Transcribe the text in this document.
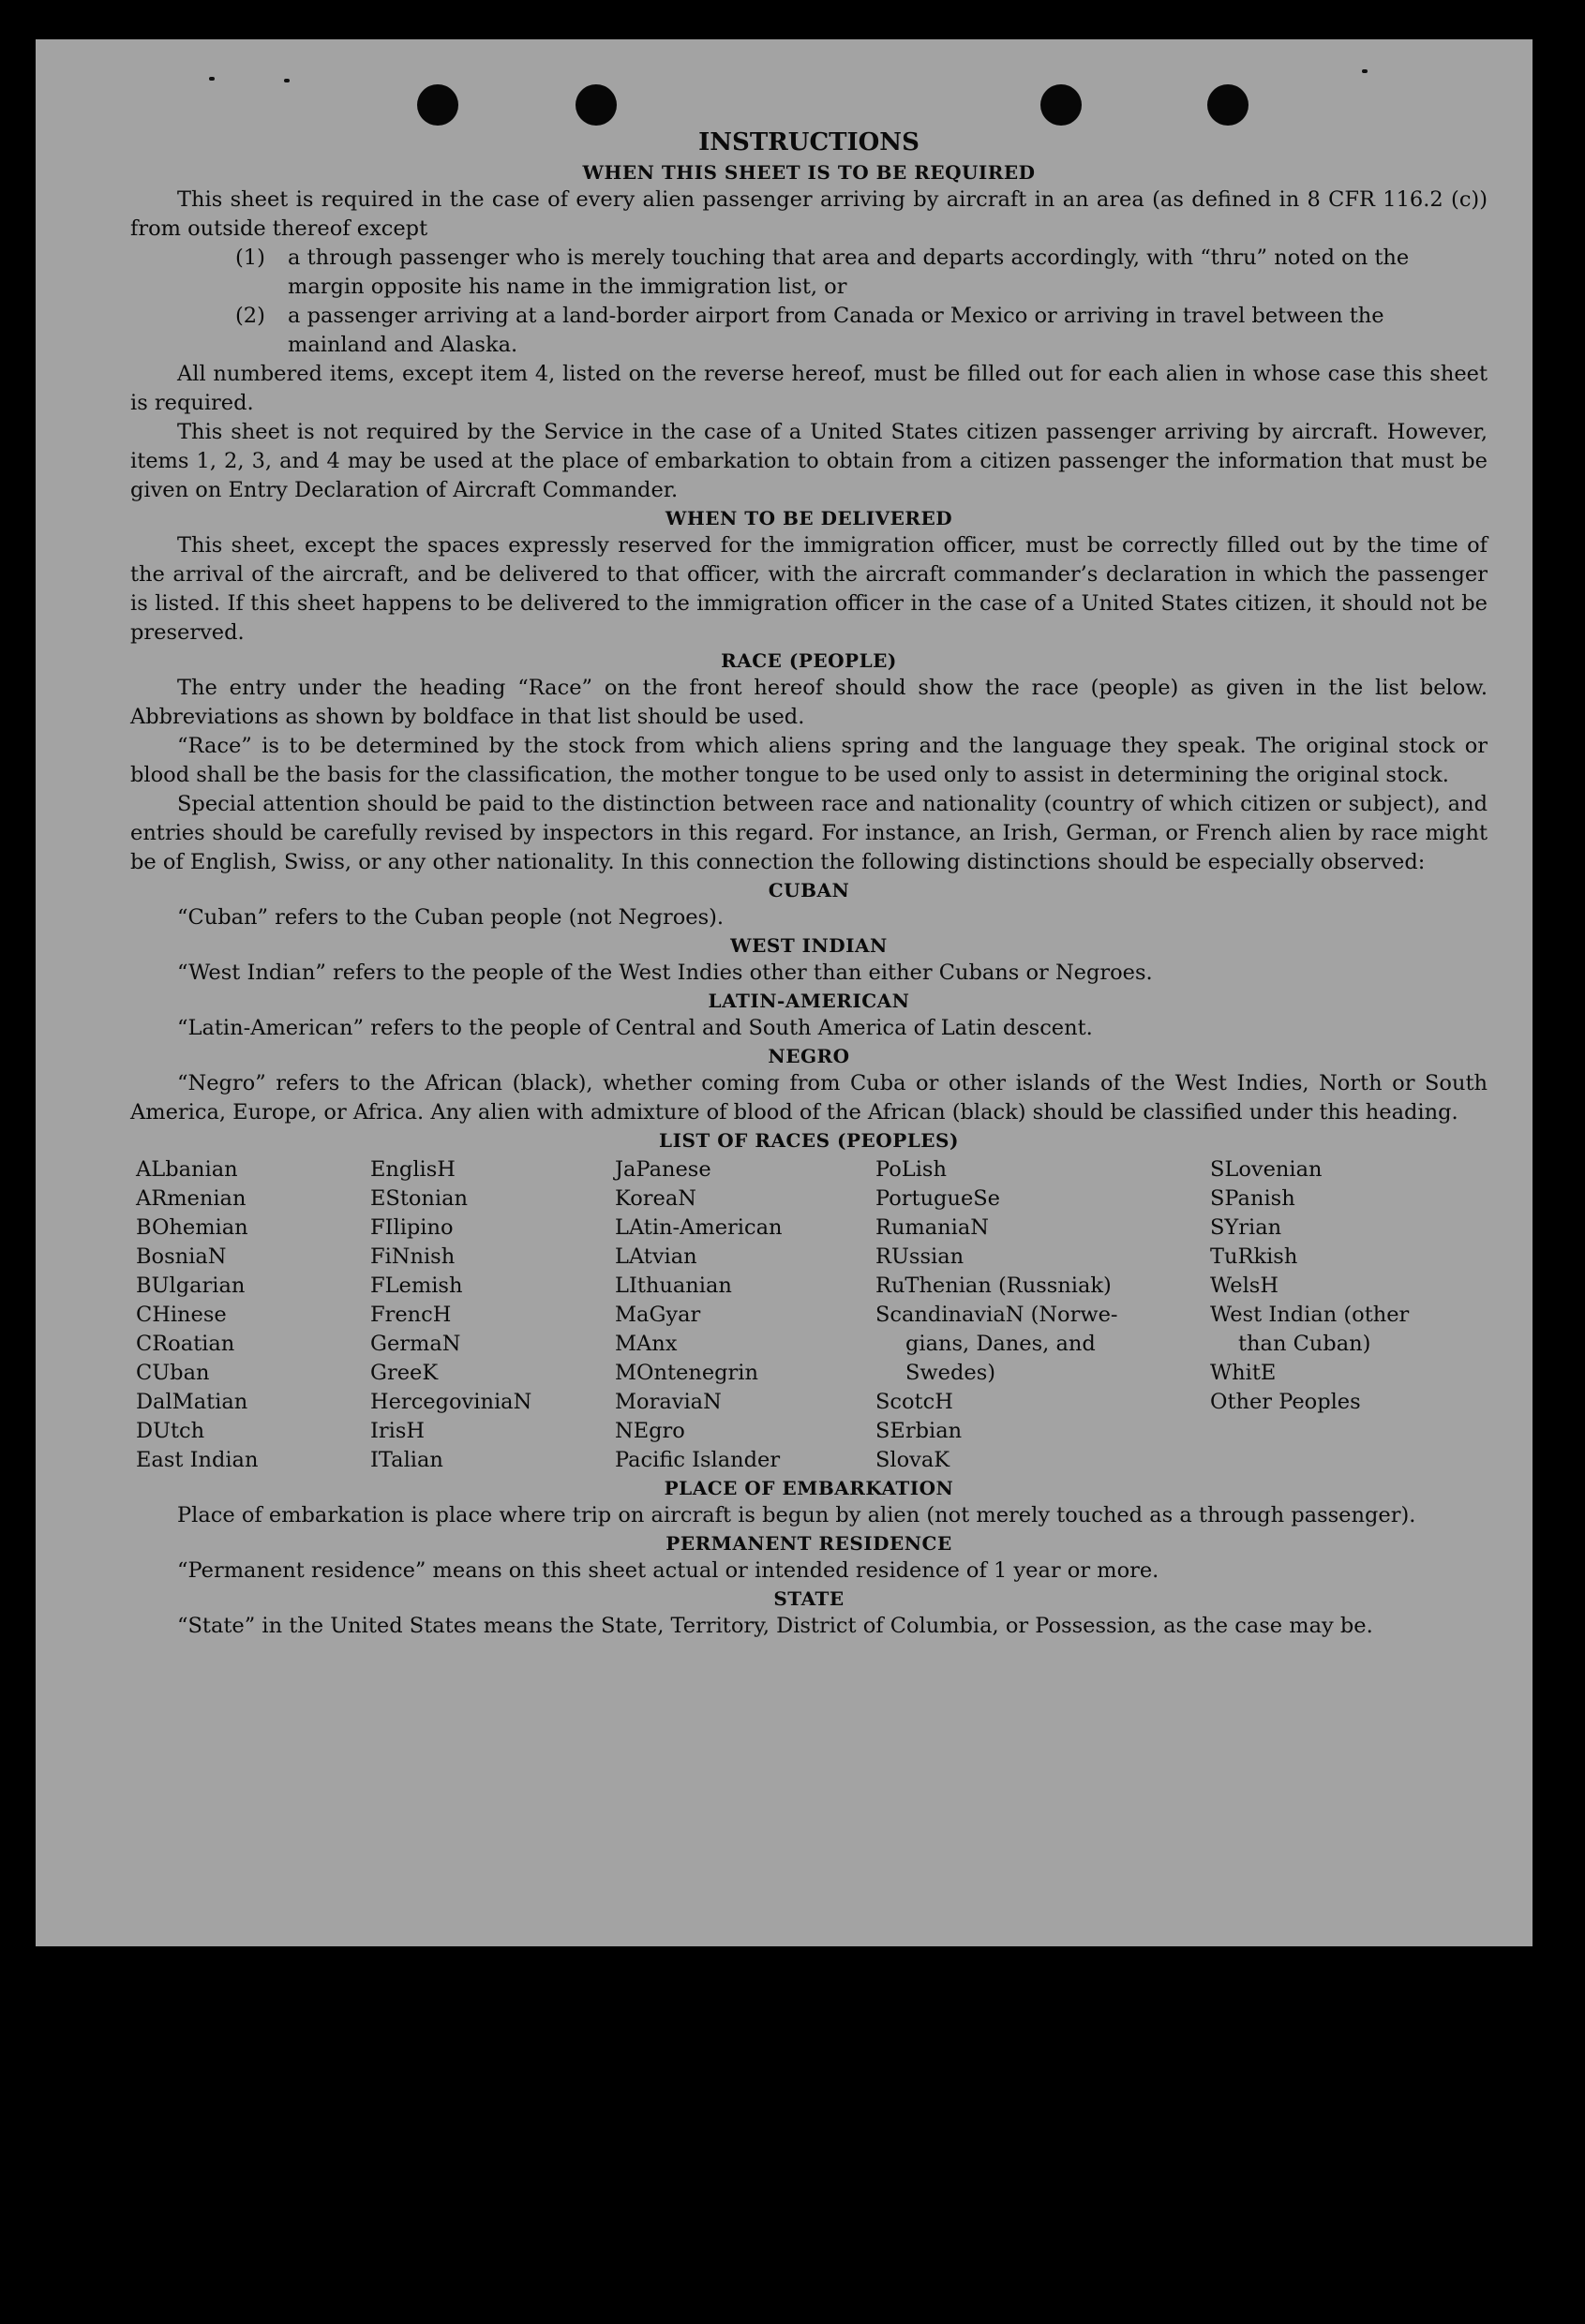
INSTRUCTIONS
WHEN THIS SHEET IS TO BE REQUIRED
This sheet is required in the case of every alien passenger arriving by aircraft in an area (as defined in 8 CFR 116.2 (c)) from outside thereof except
(1)	a through passenger who is merely touching that area and departs accordingly, with “thru” noted on the margin opposite his name in the immigration list, or
(2)	a passenger arriving at a land-border airport from Canada or Mexico or arriving in travel between the mainland and Alaska.
All numbered items, except item 4, listed on the reverse hereof, must be filled out for each alien in whose case this sheet is required.
This sheet is not required by the Service in the case of a United States citizen passenger arriving by aircraft. However, items 1, 2, 3, and 4 may be used at the place of embarkation to obtain from a citizen passenger the information that must be given on Entry Declaration of Aircraft Commander.
WHEN TO BE DELIVERED
This sheet, except the spaces expressly reserved for the immigration officer, must be correctly filled out by the time of the arrival of the aircraft, and be delivered to that officer, with the aircraft commander’s declaration in which the passenger is listed. If this sheet happens to be delivered to the immigration officer in the case of a United States citizen, it should not be preserved.
RACE (PEOPLE)
The entry under the heading “Race” on the front hereof should show the race (people) as given in the list below. Abbreviations as shown by boldface in that list should be used.
“Race” is to be determined by the stock from which aliens spring and the language they speak. The original stock or blood shall be the basis for the classification, the mother tongue to be used only to assist in determining the original stock.
Special attention should be paid to the distinction between race and nationality (country of which citizen or subject), and entries should be carefully revised by inspectors in this regard. For instance, an Irish, German, or French alien by race might be of English, Swiss, or any other nationality. In this connection the following distinctions should be especially observed:
CUBAN
“Cuban” refers to the Cuban people (not Negroes).
WEST INDIAN
“West Indian” refers to the people of the West Indies other than either Cubans or Negroes.
LATIN-AMERICAN
“Latin-American” refers to the people of Central and South America of Latin descent.
NEGRO
“Negro” refers to the African (black), whether coming from Cuba or other islands of the West Indies, North or South America, Europe, or Africa. Any alien with admixture of blood of the African (black) should be classified under this heading.
LIST OF RACES (PEOPLES)
ALbanian
ARmenian
BOhemian
BosniaN
BUlgarian
CHinese
CRoatian
CUban
DalMatian
DUtch
East Indian
EnglisH
EStonian
FIlipino
FiNnish
FLemish
FrencH
GermaN
GreeK
HercegoviniaN
IrisH
ITalian
JaPanese
KoreaN
LAtin-American
LAtvian
LIthuanian
MaGyar
MAnx
MOntenegrin
MoraviaN
NEgro
Pacific Islander
PoLish
PortugueSe
RumaniaN
RUssian
RuThenian (Russniak)
ScandinaviaN (Norwe-
gians, Danes, and
Swedes)
ScotcH
SErbian
SlovaK
SLovenian
SPanish
SYrian
TuRkish
WelsH
West Indian (other
than Cuban)
WhitE
Other Peoples
PLACE OF EMBARKATION
Place of embarkation is place where trip on aircraft is begun by alien (not merely touched as a through passenger).
PERMANENT RESIDENCE
“Permanent residence” means on this sheet actual or intended residence of 1 year or more.
STATE
“State” in the United States means the State, Territory, District of Columbia, or Possession, as the case may be.
